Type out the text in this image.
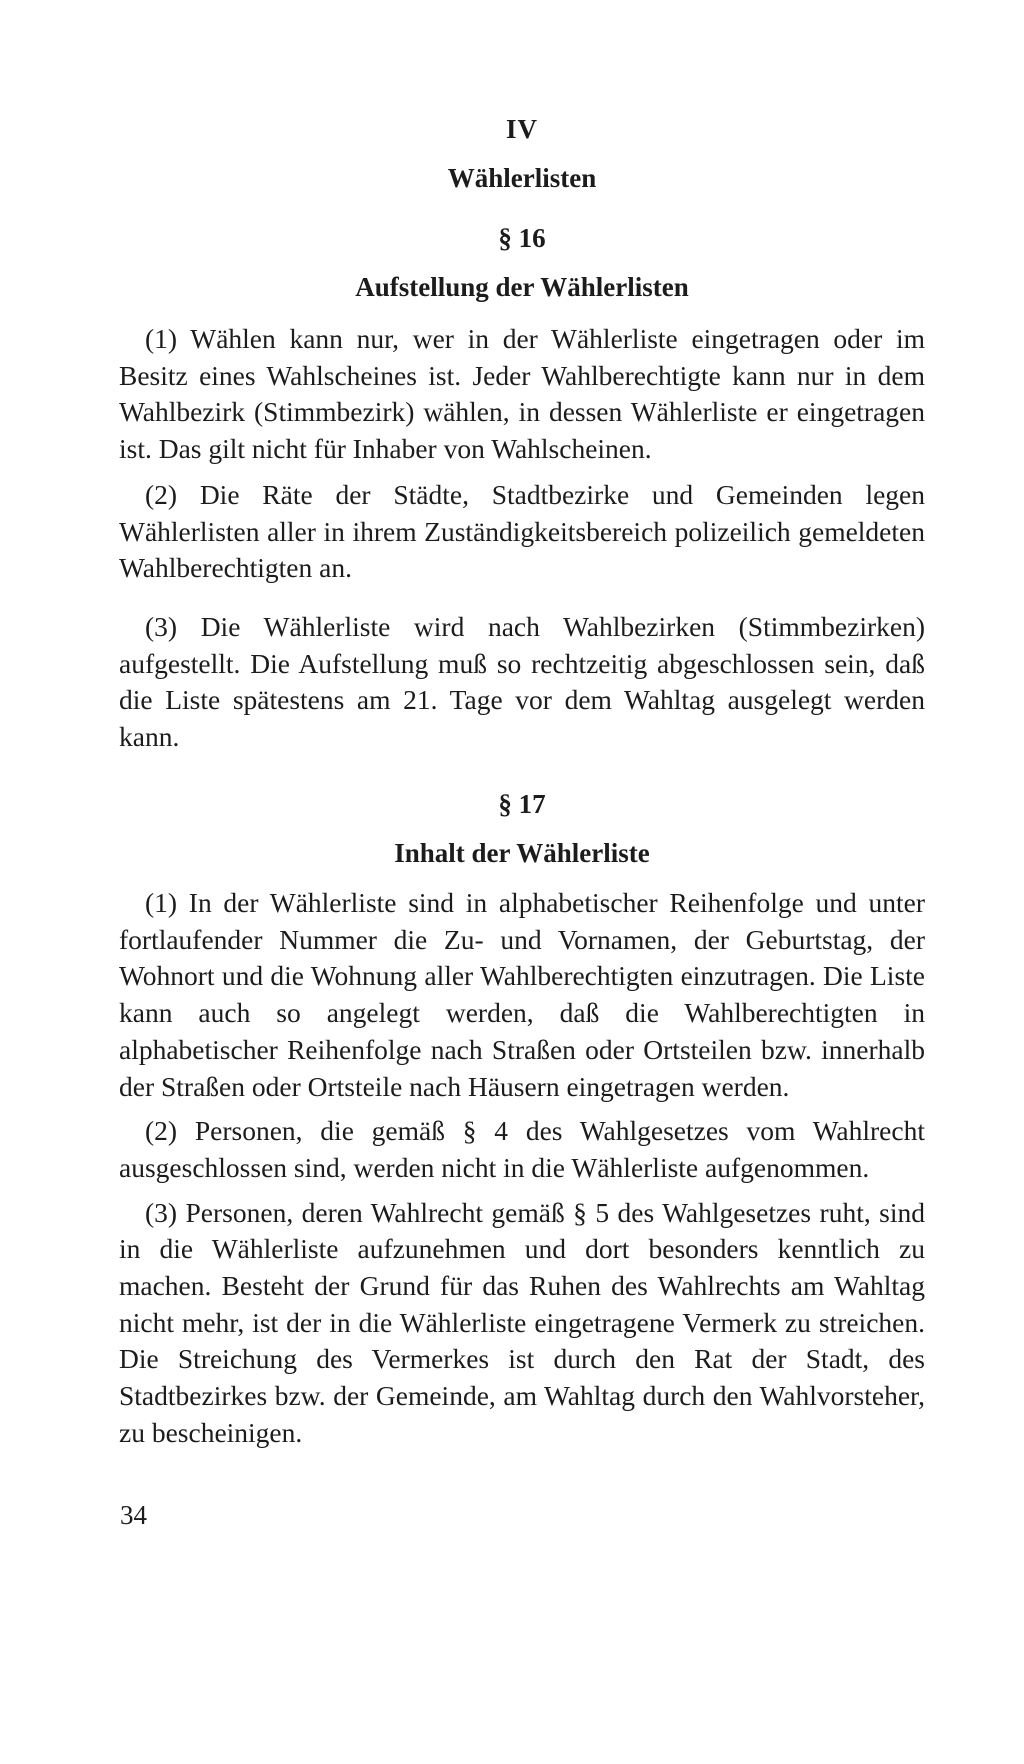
IV
Wählerlisten
§ 16
Aufstellung der Wählerlisten

(1) Wählen kann nur, wer in der Wählerliste eingetragen oder im Besitz eines Wahlscheines ist. Jeder Wahlberechtigte kann nur in dem Wahlbezirk (Stimmbezirk) wählen, in dessen Wählerliste er eingetragen ist. Das gilt nicht für Inhaber von Wahlscheinen.

(2) Die Räte der Städte, Stadtbezirke und Gemeinden legen Wählerlisten aller in ihrem Zuständigkeitsbereich polizeilich gemeldeten Wahlberechtigten an.

(3) Die Wählerliste wird nach Wahlbezirken (Stimmbezirken) aufgestellt. Die Aufstellung muß so rechtzeitig abgeschlossen sein, daß die Liste spätestens am 21. Tage vor dem Wahltag ausgelegt werden kann.

§ 17
Inhalt der Wählerliste

(1) In der Wählerliste sind in alphabetischer Reihenfolge und unter fortlaufender Nummer die Zu- und Vornamen, der Geburtstag, der Wohnort und die Wohnung aller Wahlberechtigten einzutragen. Die Liste kann auch so angelegt werden, daß die Wahlberechtigten in alphabetischer Reihenfolge nach Straßen oder Ortsteilen bzw. innerhalb der Straßen oder Ortsteile nach Häusern eingetragen werden.

(2) Personen, die gemäß § 4 des Wahlgesetzes vom Wahlrecht ausgeschlossen sind, werden nicht in die Wählerliste aufgenommen.

(3) Personen, deren Wahlrecht gemäß § 5 des Wahlgesetzes ruht, sind in die Wählerliste aufzunehmen und dort besonders kenntlich zu machen. Besteht der Grund für das Ruhen des Wahlrechts am Wahltag nicht mehr, ist der in die Wählerliste eingetragene Vermerk zu streichen. Die Streichung des Vermerkes ist durch den Rat der Stadt, des Stadtbezirkes bzw. der Gemeinde, am Wahltag durch den Wahlvorsteher, zu bescheinigen.

34
